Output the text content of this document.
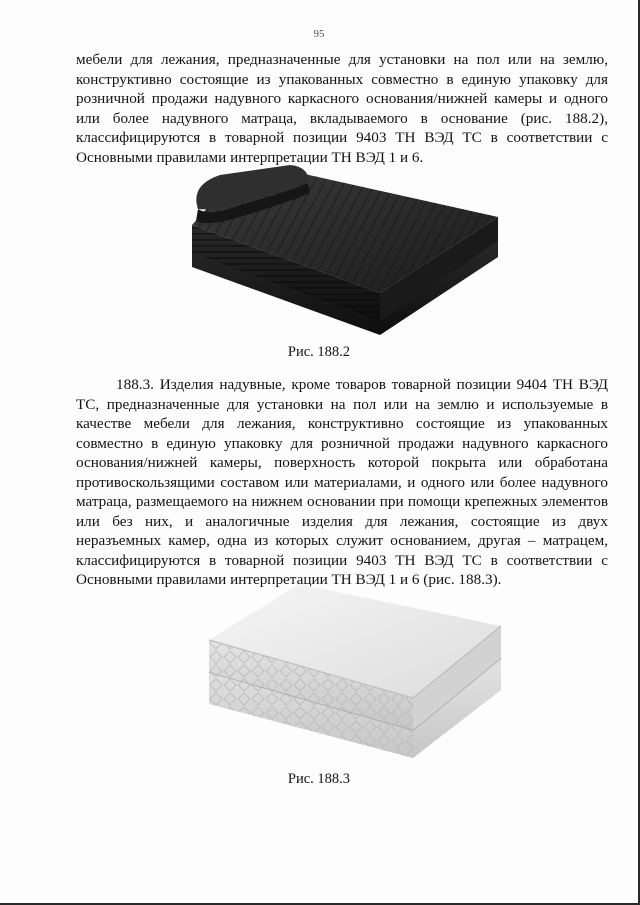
95

мебели для лежания, предназначенные для установки на пол или на землю, конструктивно состоящие из упакованных совместно в единую упаковку для розничной продажи надувного каркасного основания/нижней камеры и одного или более надувного матраца, вкладываемого в основание (рис. 188.2), классифицируются в товарной позиции 9403 ТН ВЭД ТС в соответствии с Основными правилами интерпретации ТН ВЭД 1 и 6.

Рис. 188.2

188.3. Изделия надувные, кроме товаров товарной позиции 9404 ТН ВЭД ТС, предназначенные для установки на пол или на землю и используемые в качестве мебели для лежания, конструктивно состоящие из упакованных совместно в единую упаковку для розничной продажи надувного каркасного основания/нижней камеры, поверхность которой покрыта или обработана противоскользящими составом или материалами, и одного или более надувного матраца, размещаемого на нижнем основании при помощи крепежных элементов или без них, и аналогичные изделия для лежания, состоящие из двух неразъемных камер, одна из которых служит основанием, другая – матрацем, классифицируются в товарной позиции 9403 ТН ВЭД ТС в соответствии с Основными правилами интерпретации ТН ВЭД 1 и 6 (рис. 188.3).

Рис. 188.3
